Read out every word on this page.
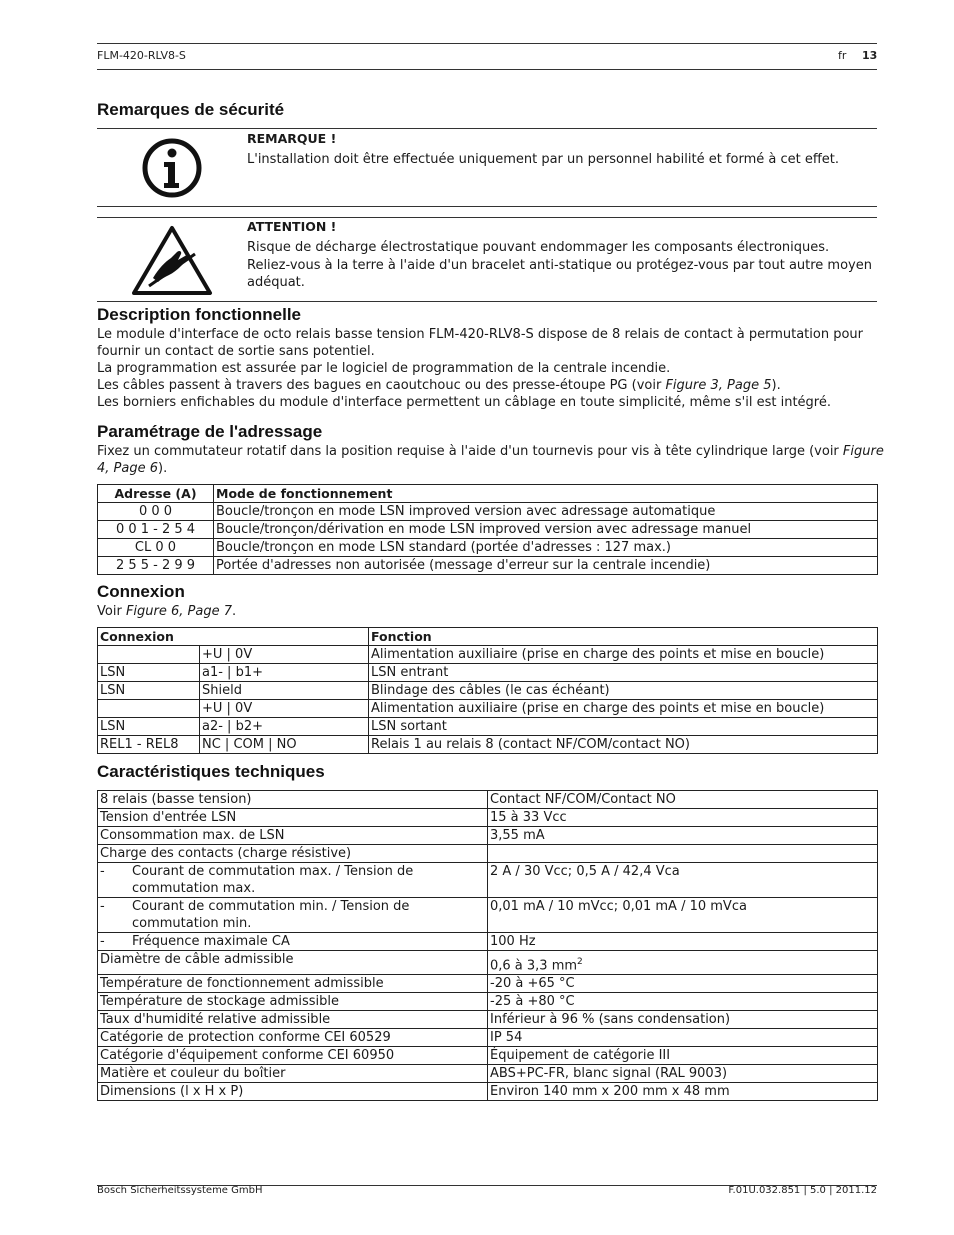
FLM-420-RLV8-S	fr 13
Remarques de sécurité
REMARQUE !
L'installation doit être effectuée uniquement par un personnel habilité et formé à cet effet.
ATTENTION !
Risque de décharge électrostatique pouvant endommager les composants électroniques.
Reliez-vous à la terre à l'aide d'un bracelet anti-statique ou protégez-vous par tout autre moyen adéquat.
Description fonctionnelle

Le module d'interface de octo relais basse tension FLM-420-RLV8-S dispose de 8 relais de contact à permutation pour fournir un contact de sortie sans potentiel.

La programmation est assurée par le logiciel de programmation de la centrale incendie.

Les câbles passent à travers des bagues en caoutchouc ou des presse-étoupe PG (voir Figure 3, Page 5).

Les borniers enfichables du module d'interface permettent un câblage en toute simplicité, même s'il est intégré.

Paramétrage de l'adressage

Fixez un commutateur rotatif dans la position requise à l'aide d'un tournevis pour vis à tête cylindrique large (voir Figure 4, Page 6).

Adresse (A)	Mode de fonctionnement
0 0 0	Boucle/tronçon en mode LSN improved version avec adressage automatique
0 0 1 - 2 5 4	Boucle/tronçon/dérivation en mode LSN improved version avec adressage manuel
CL 0 0	Boucle/tronçon en mode LSN standard (portée d'adresses : 127 max.)
2 5 5 - 2 9 9	Portée d'adresses non autorisée (message d'erreur sur la centrale incendie)
Connexion

Voir Figure 6, Page 7.

Connexion		Fonction
	+U | 0V	Alimentation auxiliaire (prise en charge des points et mise en boucle)
LSN	a1- | b1+	LSN entrant
LSN	Shield	Blindage des câbles (le cas échéant)
	+U | 0V	Alimentation auxiliaire (prise en charge des points et mise en boucle)
LSN	a2- | b2+	LSN sortant
REL1 - REL8	NC | COM | NO	Relais 1 au relais 8 (contact NF/COM/contact NO)
Caractéristiques techniques
8 relais (basse tension)	Contact NF/COM/Contact NO
Tension d'entrée LSN	15 à 33 Vcc
Consommation max. de LSN	3,55 mA
Charge des contacts (charge résistive)	

- Courant de commutation max. / Tension de commutation max.	2 A / 30 Vcc; 0,5 A / 42,4 Vca

- Courant de commutation min. / Tension de commutation min.	0,01 mA / 10 mVcc; 0,01 mA / 10 mVca

- Fréquence maximale CA	100 Hz
Diamètre de câble admissible	0,6 à 3,3 $mm^2$
Température de fonctionnement admissible	-20 à +65 °C
Température de stockage admissible	-25 à +80 °C
Taux d'humidité relative admissible	Inférieur à 96 % (sans condensation)
Catégorie de protection conforme CEI 60529	IP 54
Catégorie d'équipement conforme CEI 60950	Équipement de catégorie III
Matière et couleur du boîtier	ABS+PC-FR, blanc signal (RAL 9003)
Dimensions (l x H x P)	Environ 140 mm x 200 mm x 48 mm
Bosch Sicherheitssysteme GmbH	F.01U.032.851 | 5.0 | 2011.12
